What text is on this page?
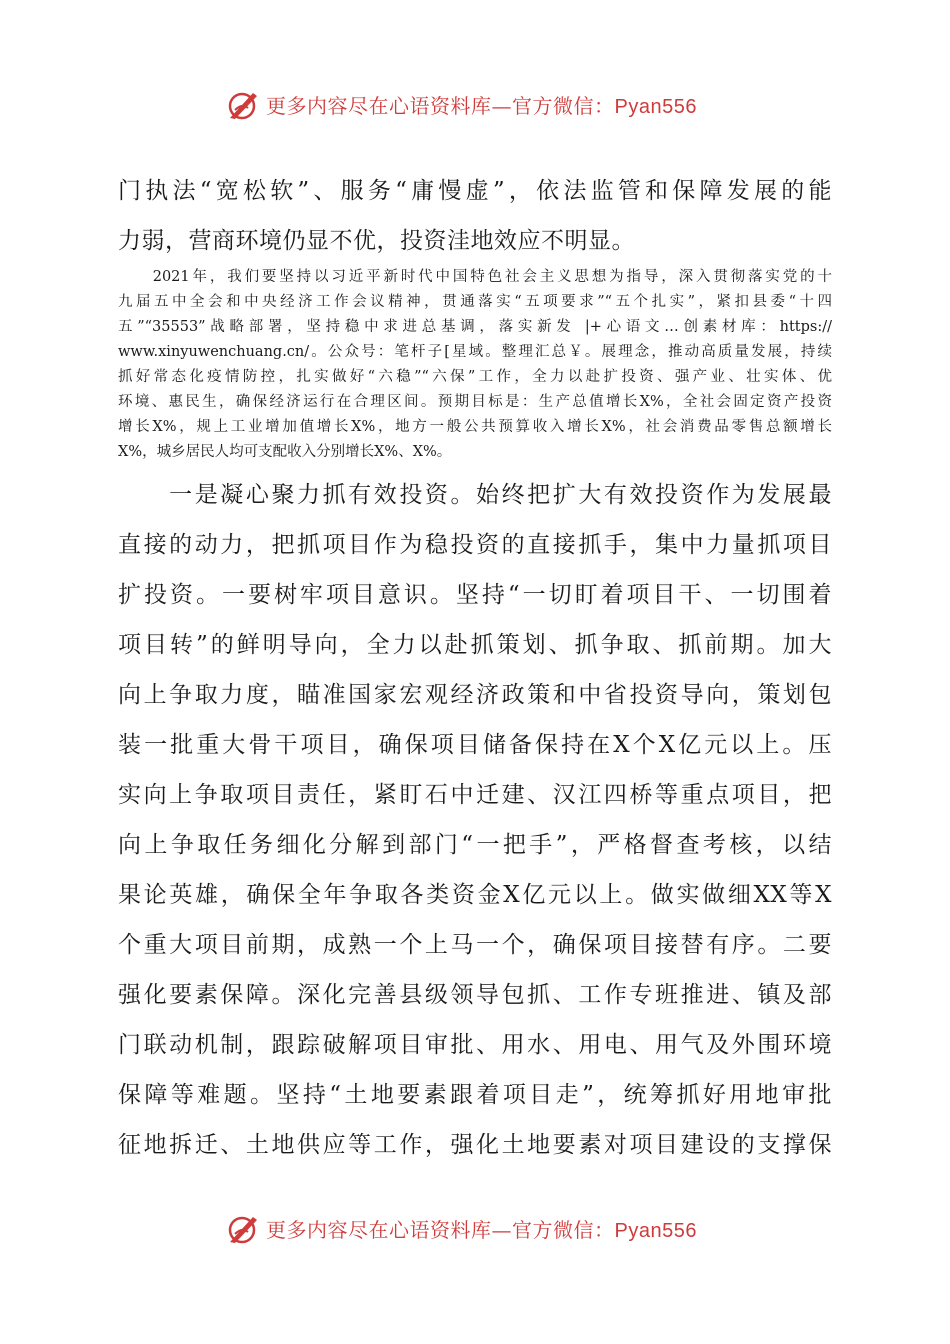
更多内容尽在心语资料库—官方微信：Pyan556

门执法“宽松软”、服务“庸慢虚”，依法监管和保障发展的能

力弱，营商环境仍显不优，投资洼地效应不明显。

　　2021年，我们要坚持以习近平新时代中国特色社会主义思想为指导，深入贯彻落实党的十

九届五中全会和中央经济工作会议精神，贯通落实“五项要求”“五个扎实”，紧扣县委“十四

五”“35553”战略部署，坚持稳中求进总基调，落实新发 |+心语文…创素材库：https://

www.xinyuwenchuang.cn/。公众号：笔杆子[星域。整理汇总￥。展理念，推动高质量发展，持续

抓好常态化疫情防控，扎实做好“六稳”“六保”工作，全力以赴扩投资、强产业、壮实体、优

环境、惠民生，确保经济运行在合理区间。预期目标是：生产总值增长X%，全社会固定资产投资

增长X%，规上工业增加值增长X%，地方一般公共预算收入增长X%，社会消费品零售总额增长

X%，城乡居民人均可支配收入分别增长X%、X%。

　　一是凝心聚力抓有效投资。始终把扩大有效投资作为发展最

直接的动力，把抓项目作为稳投资的直接抓手，集中力量抓项目

扩投资。一要树牢项目意识。坚持“一切盯着项目干、一切围着

项目转”的鲜明导向，全力以赴抓策划、抓争取、抓前期。加大

向上争取力度，瞄准国家宏观经济政策和中省投资导向，策划包

装一批重大骨干项目，确保项目储备保持在X个X亿元以上。压

实向上争取项目责任，紧盯石中迁建、汉江四桥等重点项目，把

向上争取任务细化分解到部门“一把手”，严格督查考核，以结

果论英雄，确保全年争取各类资金X亿元以上。做实做细XX等X

个重大项目前期，成熟一个上马一个，确保项目接替有序。二要

强化要素保障。深化完善县级领导包抓、工作专班推进、镇及部

门联动机制，跟踪破解项目审批、用水、用电、用气及外围环境

保障等难题。坚持“土地要素跟着项目走”，统筹抓好用地审批

征地拆迁、土地供应等工作，强化土地要素对项目建设的支撑保

更多内容尽在心语资料库—官方微信：Pyan556
